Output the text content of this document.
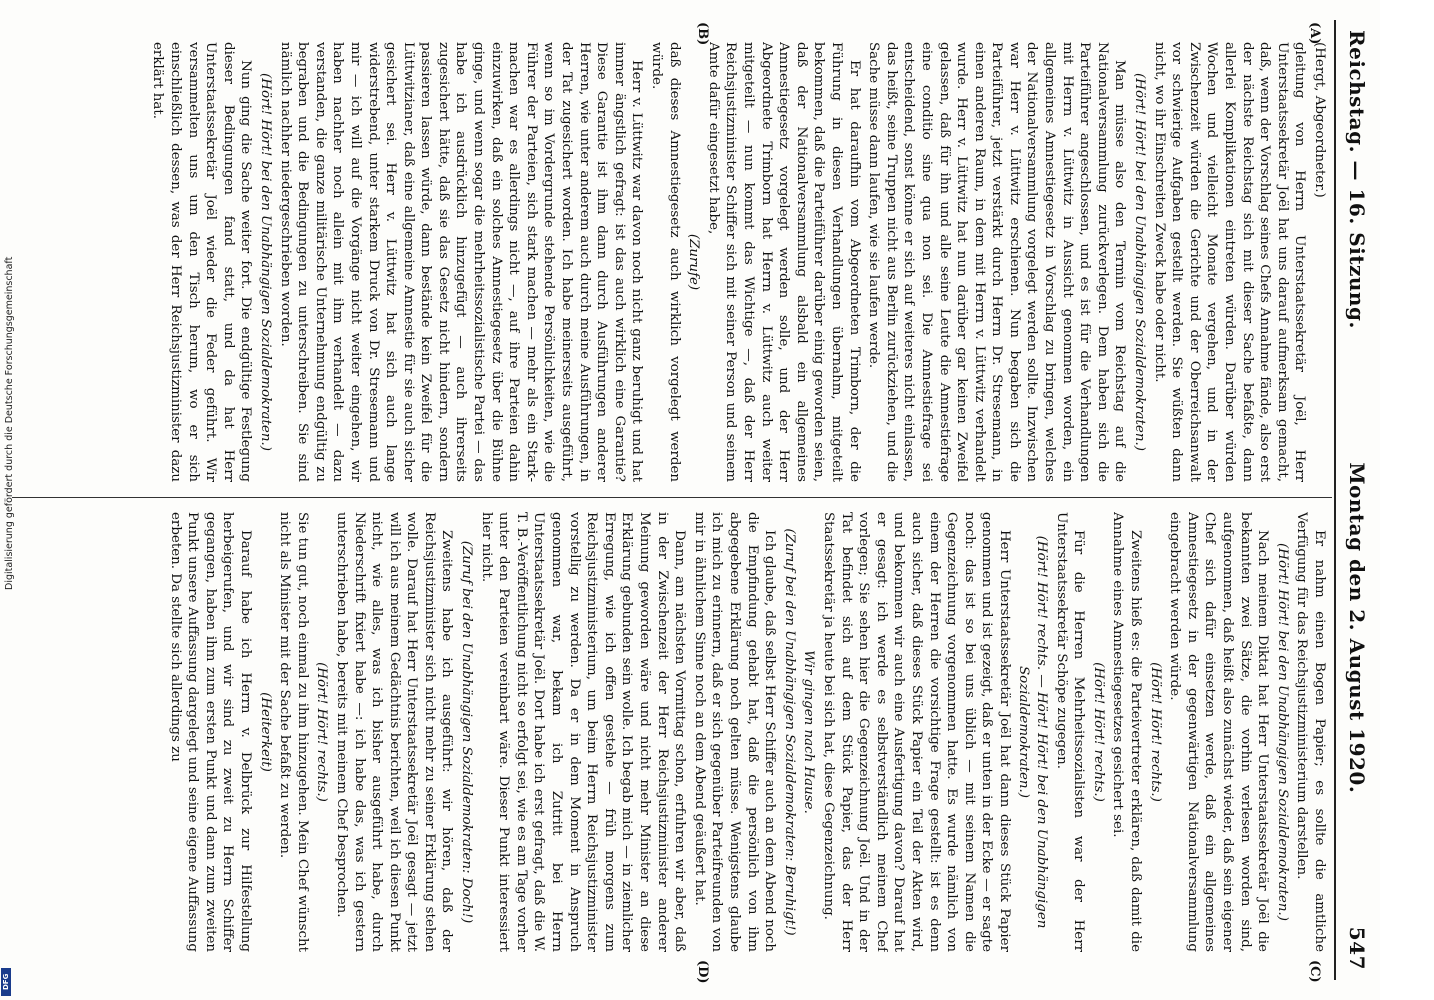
Reichstag. — 16. Sitzung.
Montag den 2. August 1920.
547
(A)
(B)
(C)
(D)

(Hergt, Abgeordneter.)

gleitung von Herrn Unterstaatssekretär Joël, Herr Unterstaatssekretär Joël hat uns darauf aufmerksam gemacht, daß, wenn der Vorschlag seines Chefs Annahme fände, also erst der nächste Reichstag sich mit dieser Sache befaßte, dann allerlei Komplikationen eintreten würden. Darüber würden Wochen und vielleicht Monate vergehen, und in der Zwischenzeit würden die Gerichte und der Oberreichsanwalt vor schwierige Aufgaben gestellt werden. Sie wüßten dann nicht, wo ihr Einschreiten Zweck habe oder nicht.

(Hört! Hört! bei den Unabhängigen Sozialdemokraten.)

Man müsse also den Termin vom Reichstag auf die Nationalversammlung zurückverlegen. Dem haben sich die Parteiführer angeschlossen, und es ist für die Verhandlungen mit Herrn v. Lüttwitz in Aussicht genommen worden, ein allgemeines Amnestiegesetz in Vorschlag zu bringen, welches der Nationalversammlung vorgelegt werden sollte. Inzwischen war Herr v. Lüttwitz erschienen. Nun begaben sich die Parteiführer, jetzt verstärkt durch Herrn Dr. Stresemann, in einen anderen Raum, in dem mit Herrn v. Lüttwitz verhandelt wurde. Herr v. Lüttwitz hat nun darüber gar keinen Zweifel gelassen, daß für ihn und alle seine Leute die Amnestiefrage eine conditio sine qua non sei. Die Amnestiefrage sei entscheidend, sonst könne er sich auf weiteres nicht einlassen, das heißt, seine Truppen nicht aus Berlin zurückziehen, und die Sache müsse dann laufen, wie sie laufen werde.

Er hat daraufhin vom Abgeordneten Trimborn, der die Führung in diesen Verhandlungen übernahm, mitgeteilt bekommen, daß die Parteiführer darüber einig geworden seien, daß der Nationalversammlung alsbald ein allgemeines Amnestiegesetz vorgelegt werden solle, und der Herr Abgeordnete Trimborn hat Herrn v. Lüttwitz auch weiter mitgeteilt — nun kommt das Wichtige —, daß der Herr Reichsjustizminister Schiffer sich mit seiner Person und seinem Amte dafür eingesetzt habe,

(Zurufe)

daß dieses Amnestiegesetz auch wirklich vorgelegt werden würde.

Herr v. Lüttwitz war davon noch nicht ganz beruhigt und hat immer ängstlich gefragt: ist das auch wirklich eine Garantie? Diese Garantie ist ihm dann durch Ausführungen anderer Herren, wie unter anderem auch durch meine Ausführungen, in der Tat zugesichert worden. Ich habe meinerseits ausgeführt, wenn so im Vordergrunde stehende Persönlichkeiten, wie die Führer der Parteien, sich stark machen — mehr als ein Starkmachen war es allerdings nicht —, auf ihre Parteien dahin einzuwirken, daß ein solches Amnestiegesetz über die Bühne ginge, und wenn sogar die mehrheitssozialistische Partei — das habe ich ausdrücklich hinzugefügt — auch ihrerseits zugesichert hätte, daß sie das Gesetz nicht hindern, sondern passieren lassen würde, dann bestände kein Zweifel für die Lüttwitzianer, daß eine allgemeine Amnestie für sie auch sicher gesichert sei. Herr v. Lüttwitz hat sich auch lange widerstrebend, unter starkem Druck von Dr. Stresemann und mir — ich will auf die Vorgänge nicht weiter eingehen, wir haben nachher noch allein mit ihm verhandelt — dazu verstanden, die ganze militärische Unternehmung endgültig zu begraben und die Bedingungen zu unterschreiben. Sie sind nämlich nachher niedergeschrieben worden.

(Hört! Hört! bei den Unabhängigen Sozialdemokraten.)

Nun ging die Sache weiter fort. Die endgültige Festlegung dieser Bedingungen fand statt, und da hat Herr Unterstaatssekretär Joël wieder die Feder geführt. Wir versammelten uns um den Tisch herum, wo er sich einschließlich dessen, was der Herr Reichsjustizminister dazu erklärt hat.

Er nahm einen Bogen Papier; es sollte die amtliche Verfügung für das Reichsjustizministerium darstellen.

(Hört! Hört! bei den Unabhängigen Sozialdemokraten.)

Nach meinem Diktat hat Herr Unterstaatssekretär Joël die bekannten zwei Sätze, die vorhin verlesen worden sind, aufgenommen, daß heißt also zunächst wieder, daß sein eigener Chef sich dafür einsetzen werde, daß ein allgemeines Amnestiegesetz in der gegenwärtigen Nationalversammlung eingebracht werden würde.

(Hört! Hört! rechts.)

Zweitens hieß es: die Parteivertreter erklären, daß damit die Annahme eines Amnestiegesetzes gesichert sei.

(Hört! Hört! rechts.)

Für die Herren Mehrheitssozialisten war der Herr Unterstaatssekretär Schöpe zugegen.

(Hört! Hört! rechts. — Hört! Hört! bei den Unabhängigen Sozialdemokraten.)

Herr Unterstaatssekretär Joël hat dann dieses Stück Papier genommen und ist gezeigt, daß er unten in der Ecke — er sagte noch: das ist so bei uns üblich — mit seinem Namen die Gegenzeichnung vorgenommen hatte. Es wurde nämlich von einem der Herren die vorsichtige Frage gestellt: ist es denn auch sicher, daß dieses Stück Papier ein Teil der Akten wird, und bekommen wir auch eine Ausfertigung davon? Darauf hat er gesagt: ich werde es selbstverständlich meinem Chef vorlegen; Sie sehen hier die Gegenzeichnung Joël. Und in der Tat befindet sich auf dem Stück Papier, das der Herr Staatssekretär ja heute bei sich hat, diese Gegenzeichnung.

Wir gingen nach Hause.

(Zuruf bei den Unabhängigen Sozialdemokraten: Beruhigt!)

Ich glaube, daß selbst Herr Schiffer auch an dem Abend noch die Empfindung gehabt hat, daß die persönlich von ihm abgegebene Erklärung noch gelten müsse. Wenigstens glaube ich mich zu erinnern, daß er sich gegenüber Parteifreunden von mir in ähnlichem Sinne noch an dem Abend geäußert hat.

Dann, am nächsten Vormittag schon, erfuhren wir aber, daß in der Zwischenzeit der Herr Reichsjustizminister anderer Meinung geworden wäre und nicht mehr Minister an diese Erklärung gebunden sein wolle. Ich begab mich — in ziemlicher Erregung, wie ich offen gestehe — früh morgens zum Reichsjustizministerium, um beim Herrn Reichsjustizminister vorstellig zu werden. Da er in dem Moment in Anspruch genommen war, bekam ich Zutritt bei Herrn Unterstaatssekretär Joël. Dort habe ich erst gefragt, daß die W. T. B.-Veröffentlichung nicht so erfolgt sei, wie es am Tage vorher unter den Parteien vereinbart wäre. Dieser Punkt interessiert hier nicht.

(Zuruf bei den Unabhängigen Sozialdemokraten: Doch!)

Zweitens habe ich ausgeführt: wir hören, daß der Reichsjustizminister sich nicht mehr zu seiner Erklärung stehen wolle. Darauf hat Herr Unterstaatssekretär Joël gesagt — jetzt will ich aus meinem Gedächtnis berichten, weil ich diesen Punkt nicht, wie alles, was ich bisher ausgeführt habe, durch Niederschrift fixiert habe —: ich habe das, was ich gestern unterschrieben habe, bereits mit meinem Chef besprochen.

(Hört! Hört! rechts.)

Sie tun gut, noch einmal zu ihm hinzugehen. Mein Chef wünscht nicht als Minister mit der Sache befaßt zu werden.

(Heiterkeit)

Darauf habe ich Herrn v. Delbrück zur Hilfestellung herbeigerufen, und wir sind zu zweit zu Herrn Schiffer gegangen, haben ihm zum ersten Punkt und dann zum zweiten Punkt unsere Auffassung dargelegt und seine eigene Auffassung erbeten. Da stellte sich allerdings zu

Digitalisierung gefördert durch die Deutsche Forschungsgemeinschaft
DFG
